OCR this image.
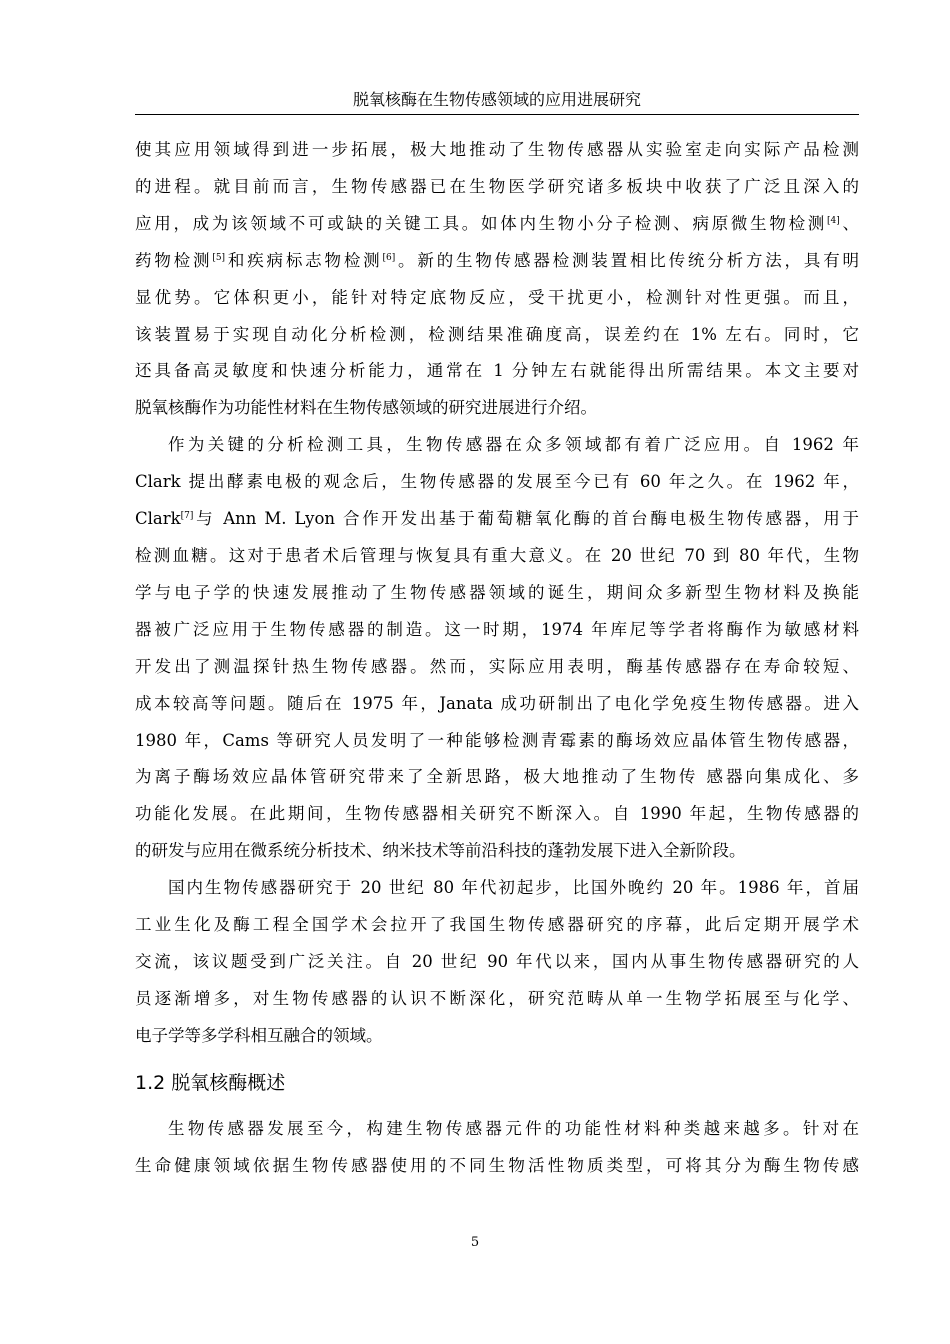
脱氧核酶在生物传感领域的应用进展研究

使其应用领域得到进一步拓展，极大地推动了生物传感器从实验室走向实际产品检测
的进程。就目前而言，生物传感器已在生物医学研究诸多板块中收获了广泛且深入的
应用，成为该领域不可或缺的关键工具。如体内生物小分子检测、病原微生物检测[4]、
药物检测[5]和疾病标志物检测[6]。新的生物传感器检测装置相比传统分析方法，具有明
显优势。它体积更小，能针对特定底物反应，受干扰更小，检测针对性更强。而且，
该装置易于实现自动化分析检测，检测结果准确度高，误差约在 1% 左右。同时，它
还具备高灵敏度和快速分析能力，通常在 1 分钟左右就能得出所需结果。本文主要对
脱氧核酶作为功能性材料在生物传感领域的研究进展进行介绍。

作为关键的分析检测工具，生物传感器在众多领域都有着广泛应用。自 1962 年
Clark 提出酵素电极的观念后，生物传感器的发展至今已有 60 年之久。在 1962 年，
Clark[7]与 Ann M. Lyon 合作开发出基于葡萄糖氧化酶的首台酶电极生物传感器，用于
检测血糖。这对于患者术后管理与恢复具有重大意义。在 20 世纪 70 到 80 年代，生物
学与电子学的快速发展推动了生物传感器领域的诞生，期间众多新型生物材料及换能
器被广泛应用于生物传感器的制造。这一时期，1974 年库尼等学者将酶作为敏感材料
开发出了测温探针热生物传感器。然而，实际应用表明，酶基传感器存在寿命较短、
成本较高等问题。随后在 1975 年，Janata 成功研制出了电化学免疫生物传感器。进入
1980 年，Cams 等研究人员发明了一种能够检测青霉素的酶场效应晶体管生物传感器，
为离子酶场效应晶体管研究带来了全新思路，极大地推动了生物传 感器向集成化、多
功能化发展。在此期间，生物传感器相关研究不断深入。自 1990 年起，生物传感器的
的研发与应用在微系统分析技术、纳米技术等前沿科技的蓬勃发展下进入全新阶段。

国内生物传感器研究于 20 世纪 80 年代初起步，比国外晚约 20 年。1986 年，首届
工业生化及酶工程全国学术会拉开了我国生物传感器研究的序幕，此后定期开展学术
交流，该议题受到广泛关注。自 20 世纪 90 年代以来，国内从事生物传感器研究的人
员逐渐增多，对生物传感器的认识不断深化，研究范畴从单一生物学拓展至与化学、
电子学等多学科相互融合的领域。

1.2 脱氧核酶概述

生物传感器发展至今，构建生物传感器元件的功能性材料种类越来越多。针对在
生命健康领域依据生物传感器使用的不同生物活性物质类型，可将其分为酶生物传感

5
